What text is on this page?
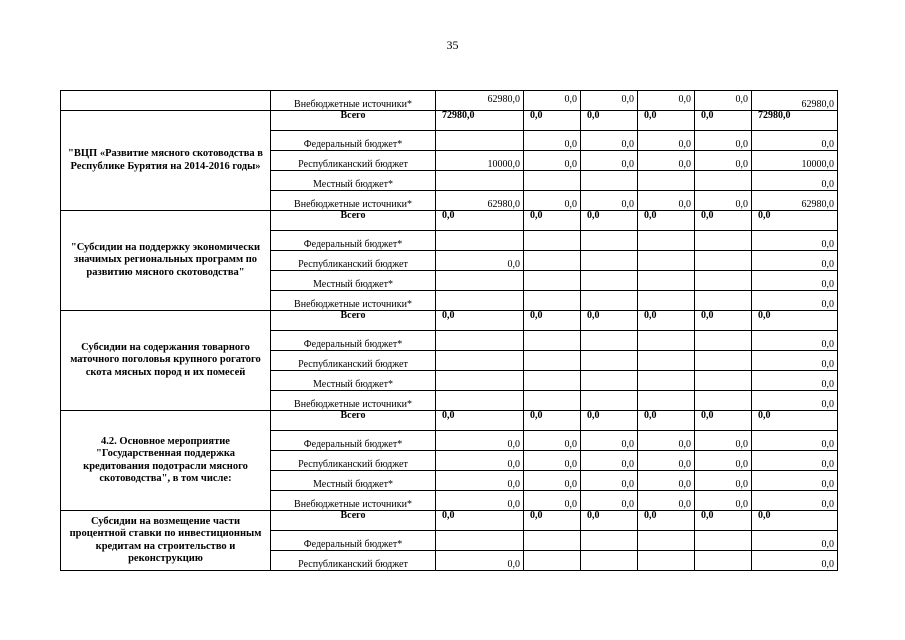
35
	Внебюджетные источники*	62980,0	0,0	0,0	0,0	0,0	62980,0
"ВЦП «Развитие мясного скотоводства в Республике Бурятия на 2014-2016 годы»	Всего	72980,0	0,0	0,0	0,0	0,0	72980,0
	Федеральный бюджет*		0,0	0,0	0,0	0,0	0,0
	Республиканский бюджет	10000,0	0,0	0,0	0,0	0,0	10000,0
	Местный бюджет*						0,0
	Внебюджетные источники*	62980,0	0,0	0,0	0,0	0,0	62980,0
"Субсидии на поддержку экономически значимых региональных программ по развитию мясного скотоводства"	Всего	0,0	0,0	0,0	0,0	0,0	0,0
	Федеральный бюджет*						0,0
	Республиканский бюджет	0,0					0,0
	Местный бюджет*						0,0
	Внебюджетные источники*						0,0
Субсидии на содержания товарного маточного поголовья крупного рогатого скота мясных пород и их помесей	Всего	0,0	0,0	0,0	0,0	0,0	0,0
	Федеральный бюджет*						0,0
	Республиканский бюджет						0,0
	Местный бюджет*						0,0
	Внебюджетные источники*						0,0
4.2. Основное мероприятие "Государственная поддержка кредитования подотрасли мясного скотоводства", в том числе:	Всего	0,0	0,0	0,0	0,0	0,0	0,0
	Федеральный бюджет*	0,0	0,0	0,0	0,0	0,0	0,0
	Республиканский бюджет	0,0	0,0	0,0	0,0	0,0	0,0
	Местный бюджет*	0,0	0,0	0,0	0,0	0,0	0,0
	Внебюджетные источники*	0,0	0,0	0,0	0,0	0,0	0,0
Субсидии на возмещение части процентной ставки по инвестиционным кредитам на строительство и реконструкцию	Всего	0,0	0,0	0,0	0,0	0,0	0,0
	Федеральный бюджет*						0,0
	Республиканский бюджет	0,0					0,0
